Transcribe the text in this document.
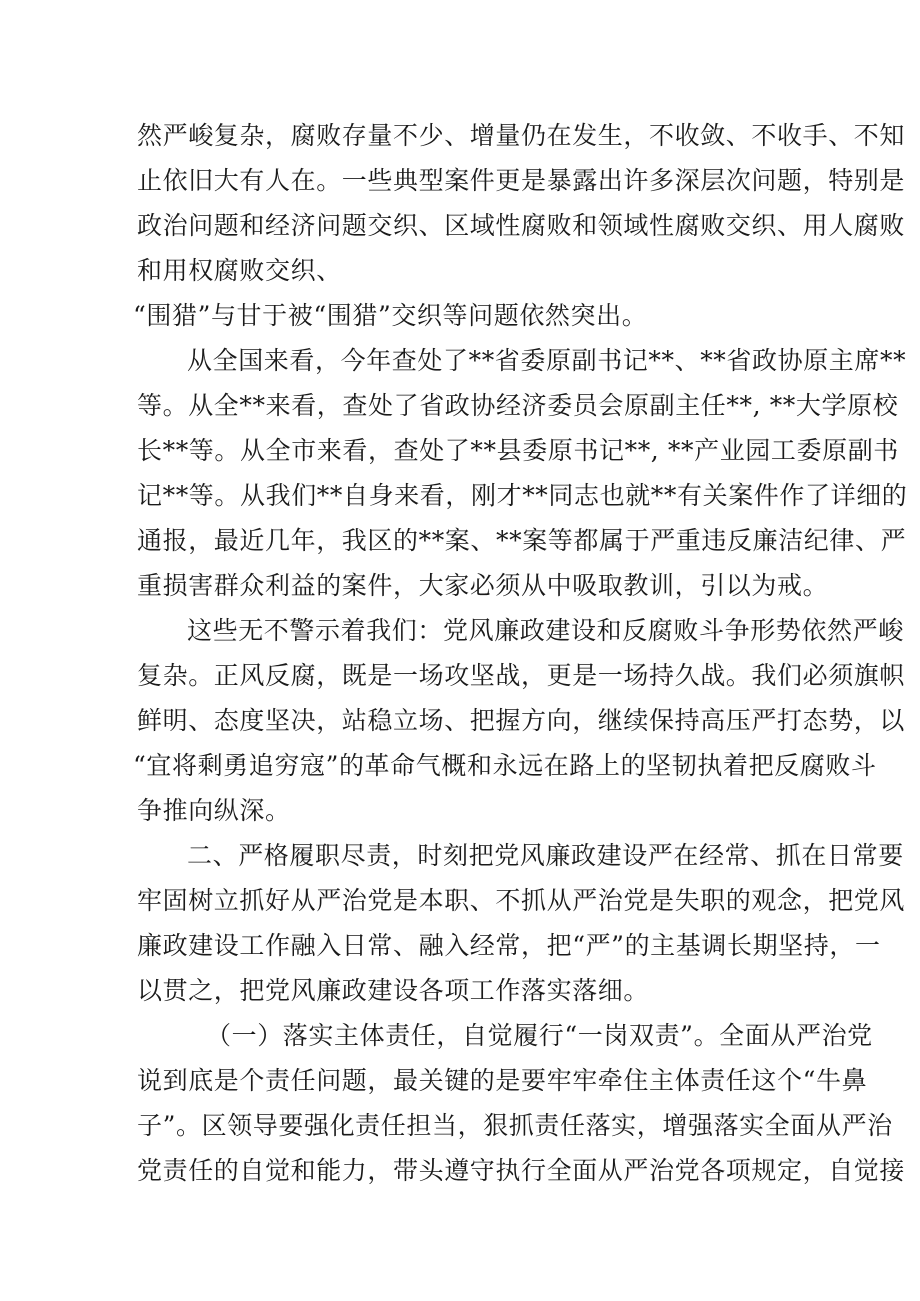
然严峻复杂，腐败存量不少、增量仍在发生，不收敛、不收手、不知
止依旧大有人在。一些典型案件更是暴露出许多深层次问题，特别是
政治问题和经济问题交织、区域性腐败和领域性腐败交织、用人腐败
和用权腐败交织、
“围猎”与甘于被“围猎”交织等问题依然突出。
从全国来看，今年查处了**省委原副书记**、**省政协原主席**
等。从全**来看，查处了省政协经济委员会原副主任**, **大学原校
长**等。从全市来看，查处了**县委原书记**, **产业园工委原副书
记**等。从我们**自身来看，刚才**同志也就**有关案件作了详细的
通报，最近几年，我区的**案、**案等都属于严重违反廉洁纪律、严
重损害群众利益的案件，大家必须从中吸取教训，引以为戒。
这些无不警示着我们：党风廉政建设和反腐败斗争形势依然严峻
复杂。正风反腐，既是一场攻坚战，更是一场持久战。我们必须旗帜
鲜明、态度坚决，站稳立场、把握方向，继续保持高压严打态势，以
“宜将剩勇追穷寇”的革命气概和永远在路上的坚韧执着把反腐败斗
争推向纵深。
二、严格履职尽责，时刻把党风廉政建设严在经常、抓在日常要
牢固树立抓好从严治党是本职、不抓从严治党是失职的观念，把党风
廉政建设工作融入日常、融入经常，把“严”的主基调长期坚持，一
以贯之，把党风廉政建设各项工作落实落细。
（一）落实主体责任，自觉履行“一岗双责”。全面从严治党
说到底是个责任问题，最关键的是要牢牢牵住主体责任这个“牛鼻
子”。区领导要强化责任担当，狠抓责任落实，增强落实全面从严治
党责任的自觉和能力，带头遵守执行全面从严治党各项规定，自觉接
